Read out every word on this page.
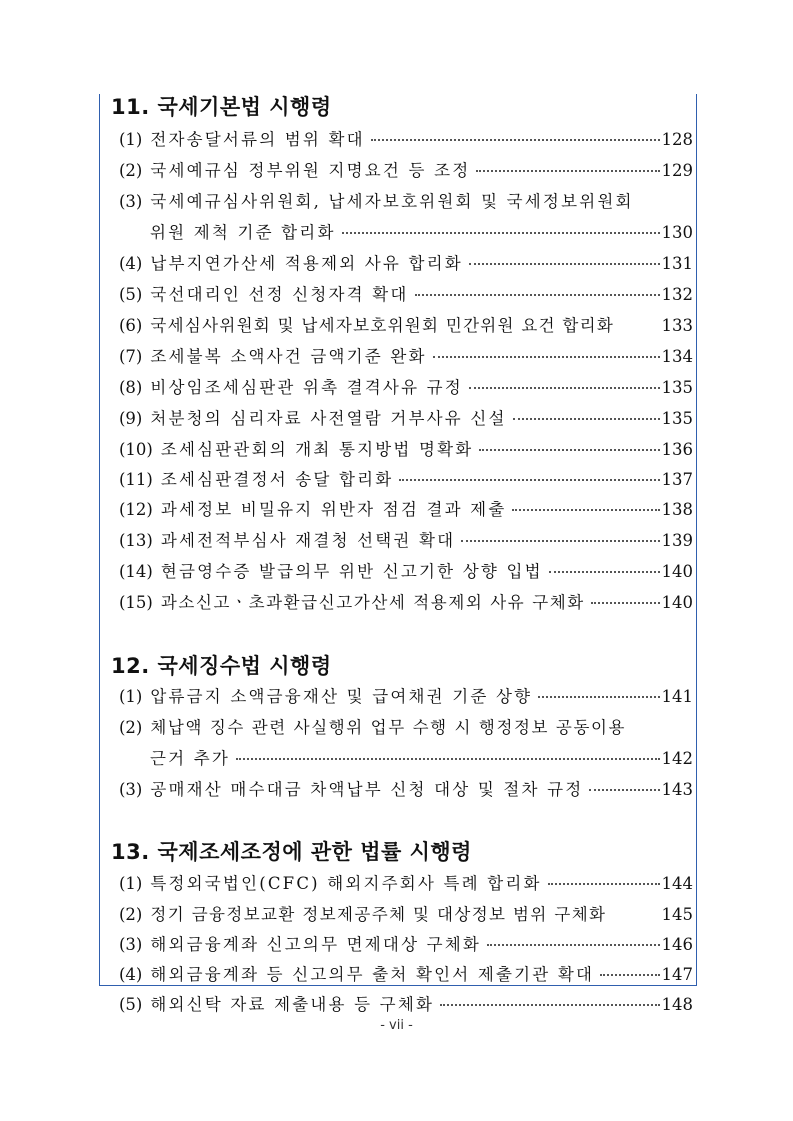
11. 국세기본법 시행령
(1) 전자송달서류의 범위 확대	128
(2) 국세예규심 정부위원 지명요건 등 조정	129
(3) 국세예규심사위원회, 납세자보호위원회 및 국세정보위원회
위원 제척 기준 합리화	130
(4) 납부지연가산세 적용제외 사유 합리화	131
(5) 국선대리인 선정 신청자격 확대	132
(6) 국세심사위원회 및 납세자보호위원회 민간위원 요건 합리화	133
(7) 조세불복 소액사건 금액기준 완화	134
(8) 비상임조세심판관 위촉 결격사유 규정	135
(9) 처분청의 심리자료 사전열람 거부사유 신설	135
(10) 조세심판관회의 개최 통지방법 명확화	136
(11) 조세심판결정서 송달 합리화	137
(12) 과세정보 비밀유지 위반자 점검 결과 제출	138
(13) 과세전적부심사 재결청 선택권 확대	139
(14) 현금영수증 발급의무 위반 신고기한 상향 입법	140
(15) 과소신고ㆍ초과환급신고가산세 적용제외 사유 구체화	140
12. 국세징수법 시행령
(1) 압류금지 소액금융재산 및 급여채권 기준 상향	141
(2) 체납액 징수 관련 사실행위 업무 수행 시 행정정보 공동이용
근거 추가	142
(3) 공매재산 매수대금 차액납부 신청 대상 및 절차 규정	143
13. 국제조세조정에 관한 법률 시행령
(1) 특정외국법인(CFC) 해외지주회사 특례 합리화	144
(2) 정기 금융정보교환 정보제공주체 및 대상정보 범위 구체화	145
(3) 해외금융계좌 신고의무 면제대상 구체화	146
(4) 해외금융계좌 등 신고의무 출처 확인서 제출기관 확대	147
(5) 해외신탁 자료 제출내용 등 구체화	148
- vii -
